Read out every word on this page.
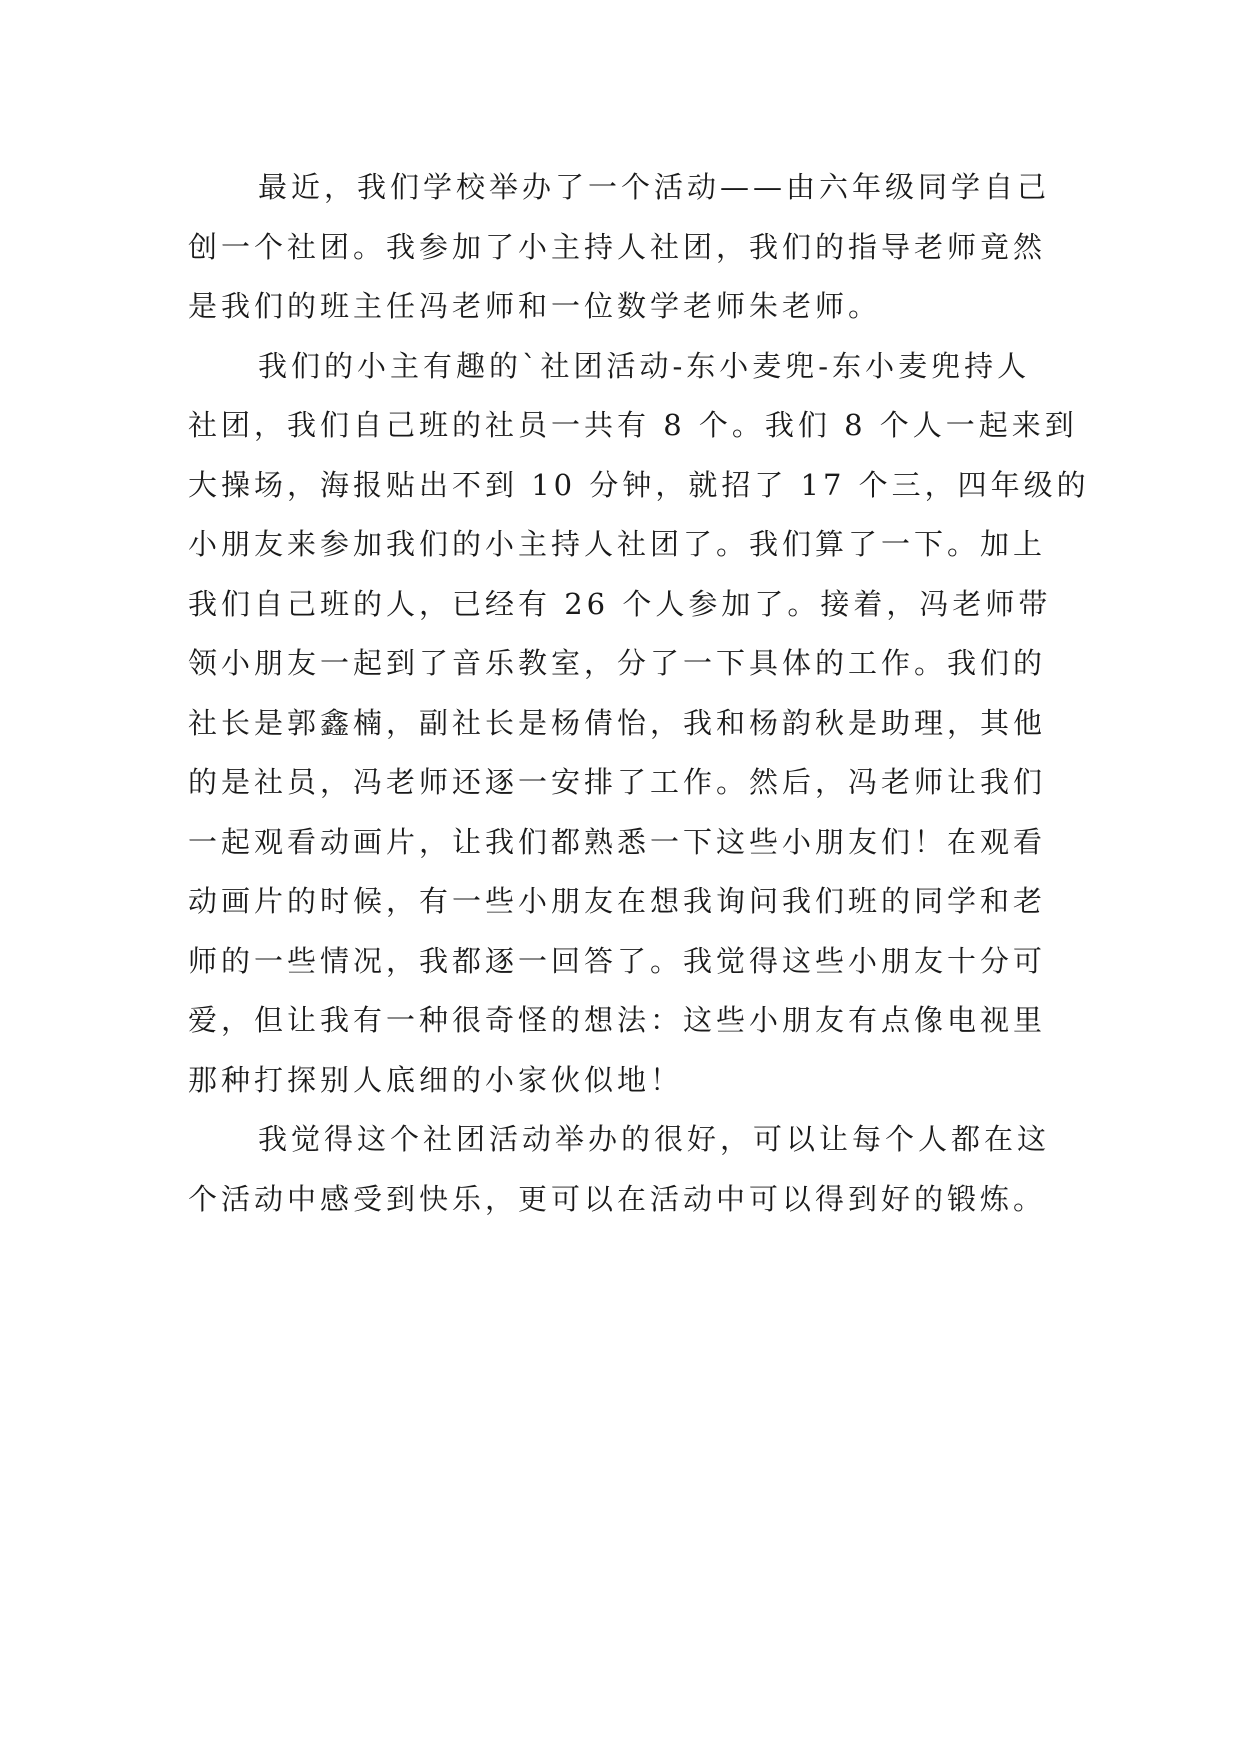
最近，我们学校举办了一个活动——由六年级同学自己
创一个社团。我参加了小主持人社团，我们的指导老师竟然
是我们的班主任冯老师和一位数学老师朱老师。
我们的小主有趣的`社团活动-东小麦兜-东小麦兜持人
社团，我们自己班的社员一共有 8 个。我们 8 个人一起来到
大操场，海报贴出不到 10 分钟，就招了 17 个三，四年级的
小朋友来参加我们的小主持人社团了。我们算了一下。加上
我们自己班的人，已经有 26 个人参加了。接着，冯老师带
领小朋友一起到了音乐教室，分了一下具体的工作。我们的
社长是郭鑫楠，副社长是杨倩怡，我和杨韵秋是助理，其他
的是社员，冯老师还逐一安排了工作。然后，冯老师让我们
一起观看动画片，让我们都熟悉一下这些小朋友们！在观看
动画片的时候，有一些小朋友在想我询问我们班的同学和老
师的一些情况，我都逐一回答了。我觉得这些小朋友十分可
爱，但让我有一种很奇怪的想法：这些小朋友有点像电视里
那种打探别人底细的小家伙似地！
我觉得这个社团活动举办的很好，可以让每个人都在这
个活动中感受到快乐，更可以在活动中可以得到好的锻炼。
